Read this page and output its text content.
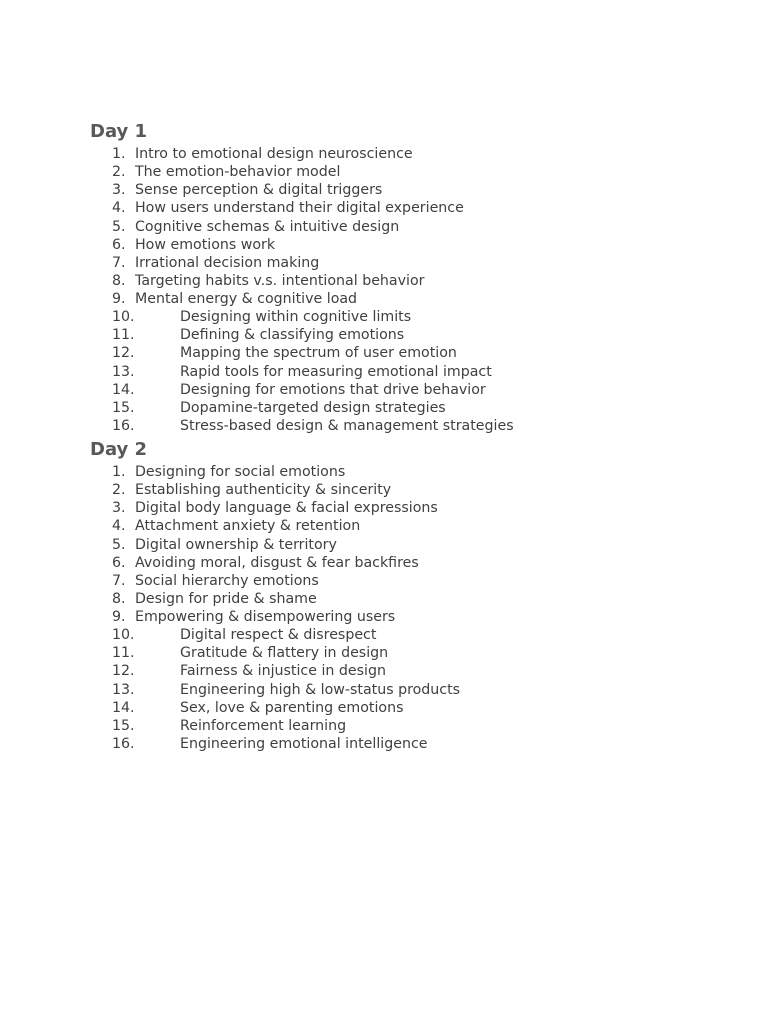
Day 1
1. Intro to emotional design neuroscience
2. The emotion-behavior model
3. Sense perception & digital triggers
4. How users understand their digital experience
5. Cognitive schemas & intuitive design
6. How emotions work
7. Irrational decision making
8. Targeting habits v.s. intentional behavior
9. Mental energy & cognitive load
10.	Designing within cognitive limits
11.	Defining & classifying emotions
12.	Mapping the spectrum of user emotion
13.	Rapid tools for measuring emotional impact
14.	Designing for emotions that drive behavior
15.	Dopamine-targeted design strategies
16.	Stress-based design & management strategies
Day 2
1. Designing for social emotions
2. Establishing authenticity & sincerity
3. Digital body language & facial expressions
4. Attachment anxiety & retention
5. Digital ownership & territory
6. Avoiding moral, disgust & fear backfires
7. Social hierarchy emotions
8. Design for pride & shame
9. Empowering & disempowering users
10.	Digital respect & disrespect
11.	Gratitude & flattery in design
12.	Fairness & injustice in design
13.	Engineering high & low-status products
14.	Sex, love & parenting emotions
15.	Reinforcement learning
16.	Engineering emotional intelligence
